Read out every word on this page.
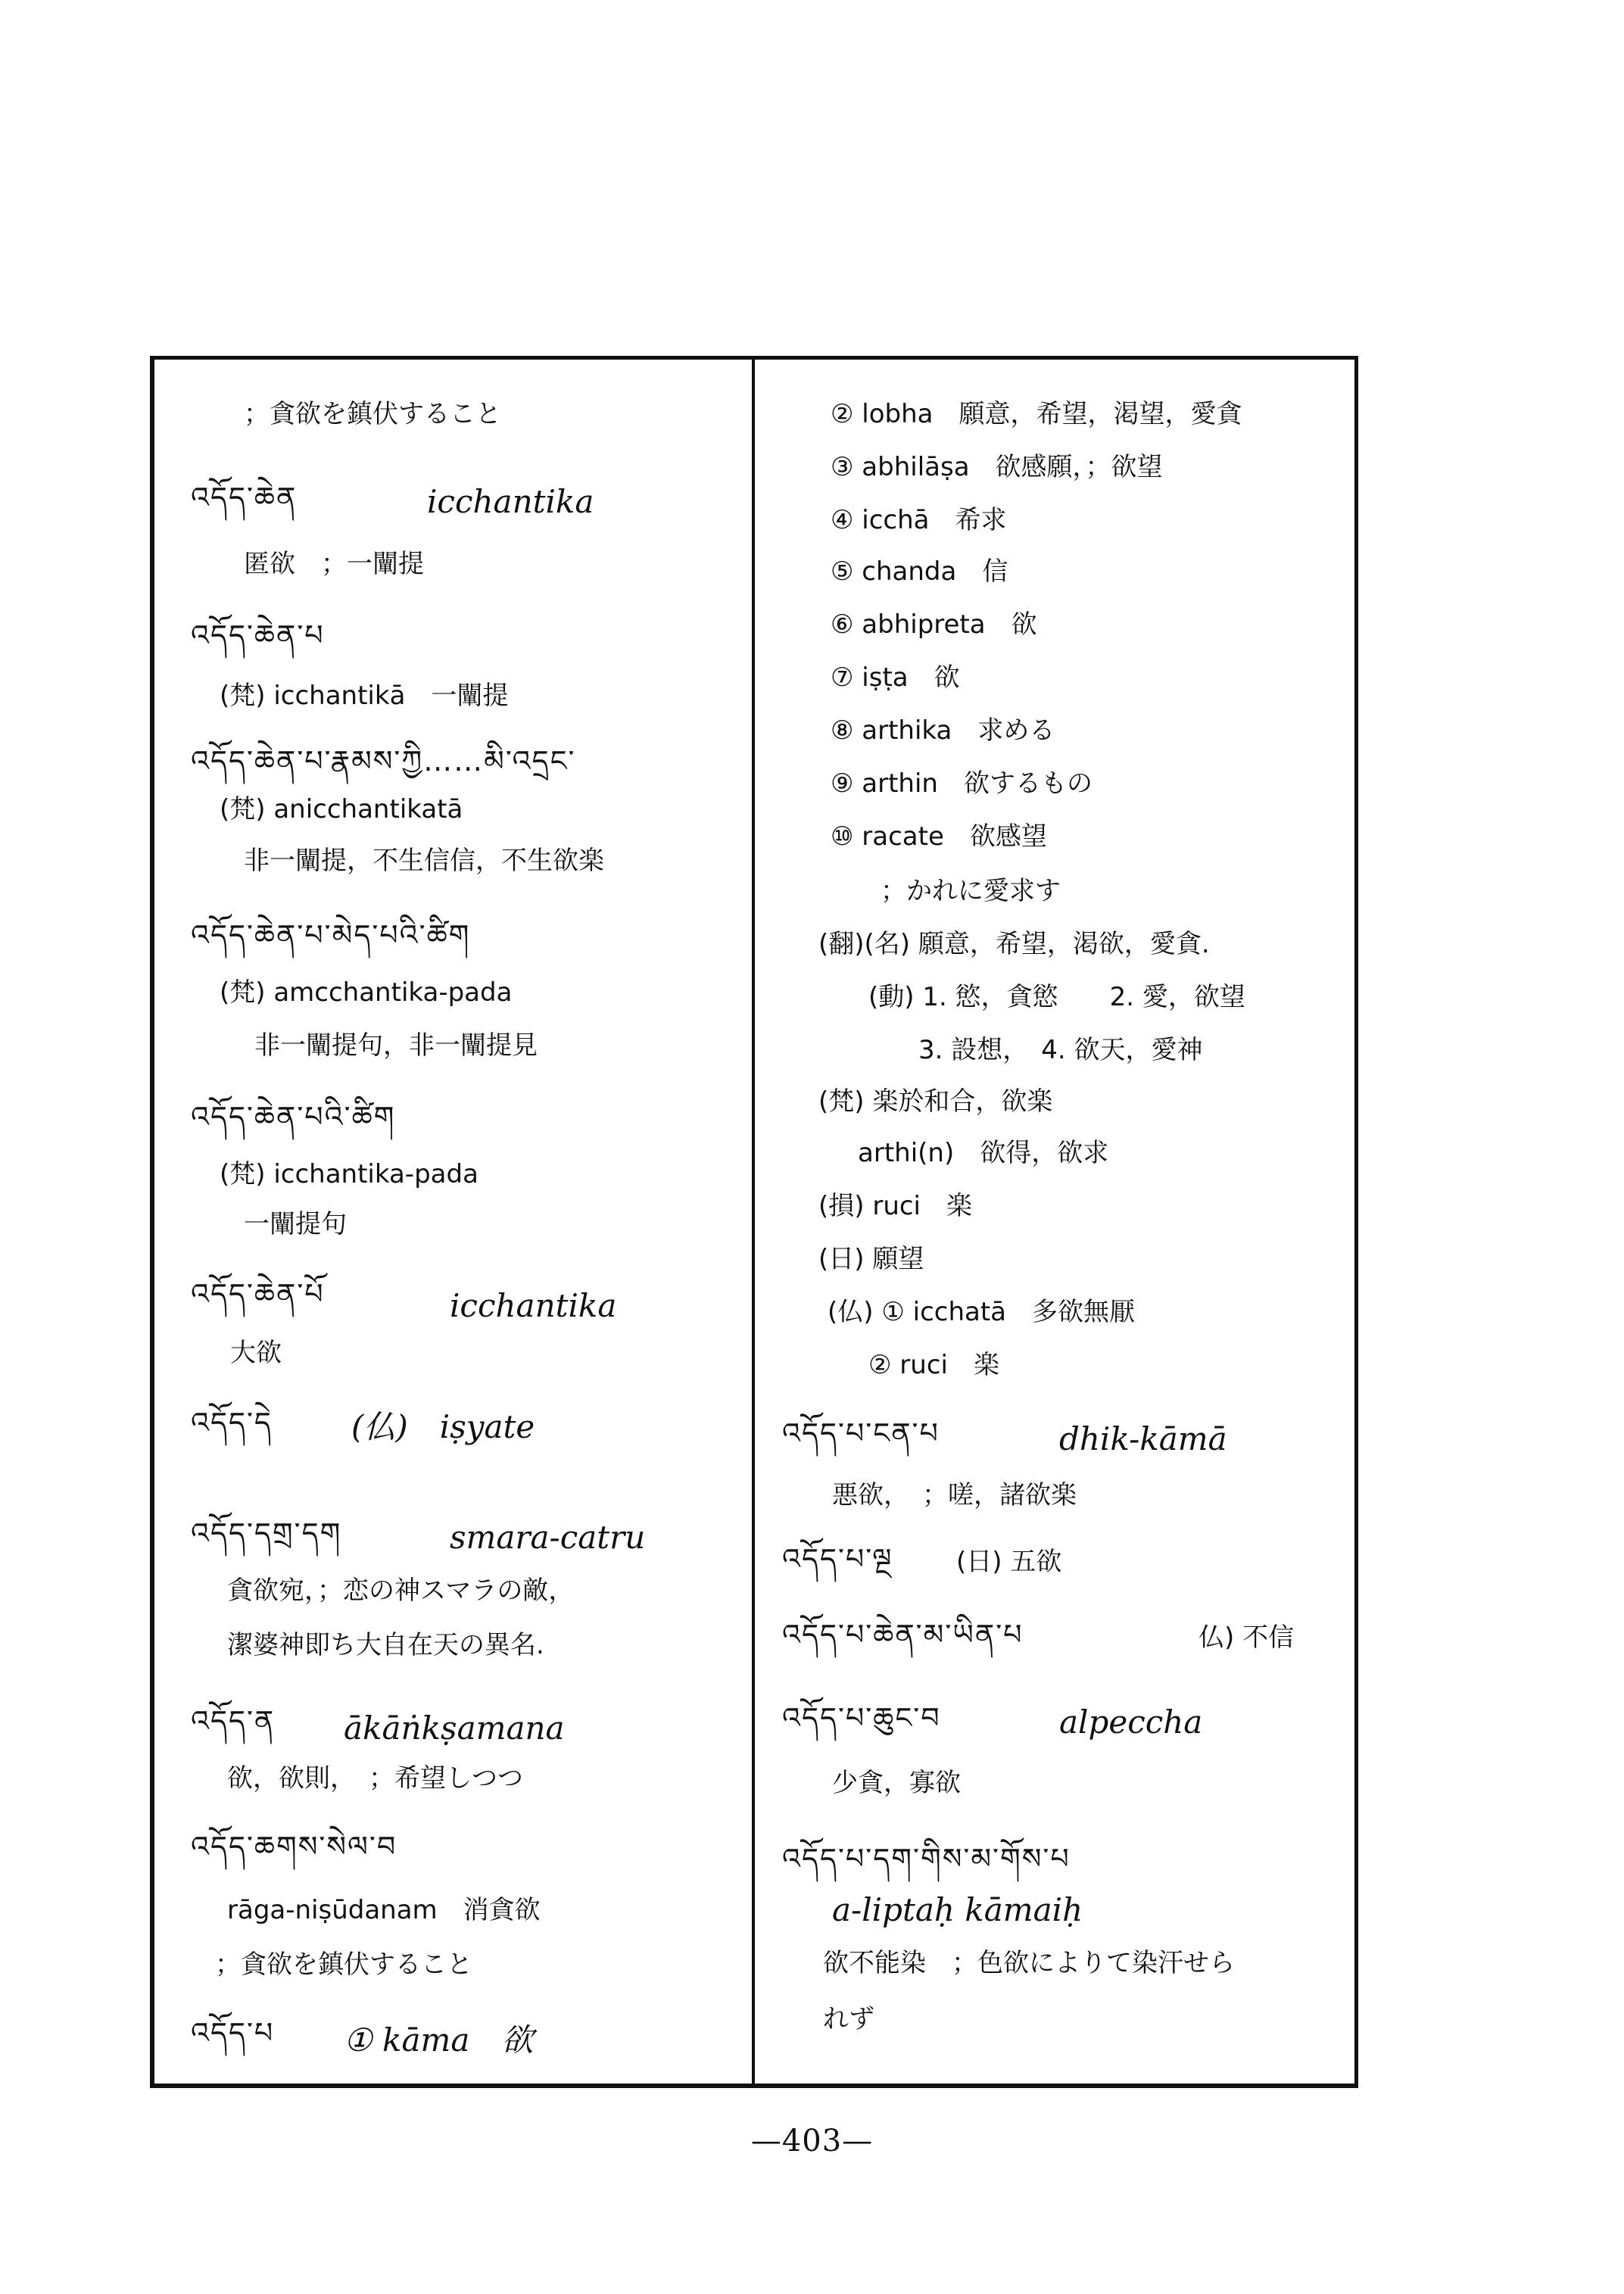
；貪欲を鎮伏すること
འདོད་ཆེན	icchantika
匿欲　；一闡提
འདོད་ཆེན་པ
(梵) icchantikā　一闡提
འདོད་ཆེན་པ་རྣམས་ཀྱི……མི་འདྲང་
(梵) anicchantikatā
非一闡提，不生信信，不生欲楽
འདོད་ཆེན་པ་མེད་པའི་ཚིག
(梵) amcchantika-pada
非一闡提句，非一闡提見
འདོད་ཆེན་པའི་ཚིག
(梵) icchantika-pada
一闡提句
འདོད་ཆེན་པོ	icchantika
大欲
འདོད་དེ (仏)　iṣyate
འདོད་དགྲ་དག	smara-catru
貪欲宛，；恋の神スマラの敵，
潔婆神即ち大自在天の異名.
འདོད་ན ākāṅkṣamana
欲，欲則，　；希望しつつ
འདོད་ཆགས་སེལ་བ
rāga-niṣūdanam　消貪欲
；貪欲を鎮伏すること
འདོད་པ ① kāma　欲
② lobha　願意，希望，渇望，愛貪
③ abhilāṣa　欲感願，；欲望
④ icchā　希求
⑤ chanda　信
⑥ abhipreta　欲
⑦ iṣṭa　欲
⑧ arthika　求める
⑨ arthin　欲するもの
⑩ racate　欲感望
；かれに愛求す
(翻)(名) 願意，希望，渇欲，愛貪.
(動) 1. 慾，貪慾　　2. 愛，欲望
3. 設想，　4. 欲天，愛神
(梵) 楽於和合，欲楽
arthi(n)　欲得，欲求
(損) ruci　楽
(日) 願望
(仏) ① icchatā　多欲無厭
② ruci　楽
འདོད་པ་ངན་པ	dhik-kāmā
悪欲，　；嗟，諸欲楽
འདོད་པ་ལྔ (日) 五欲
འདོད་པ་ཆེན་མ་ཡིན་པ	仏) 不信
འདོད་པ་ཆུང་བ	alpeccha
少貪，寡欲
འདོད་པ་དག་གིས་མ་གོས་པ
a-liptaḥ kāmaiḥ
欲不能染　；色欲によりて染汗せら
れず
—403—
